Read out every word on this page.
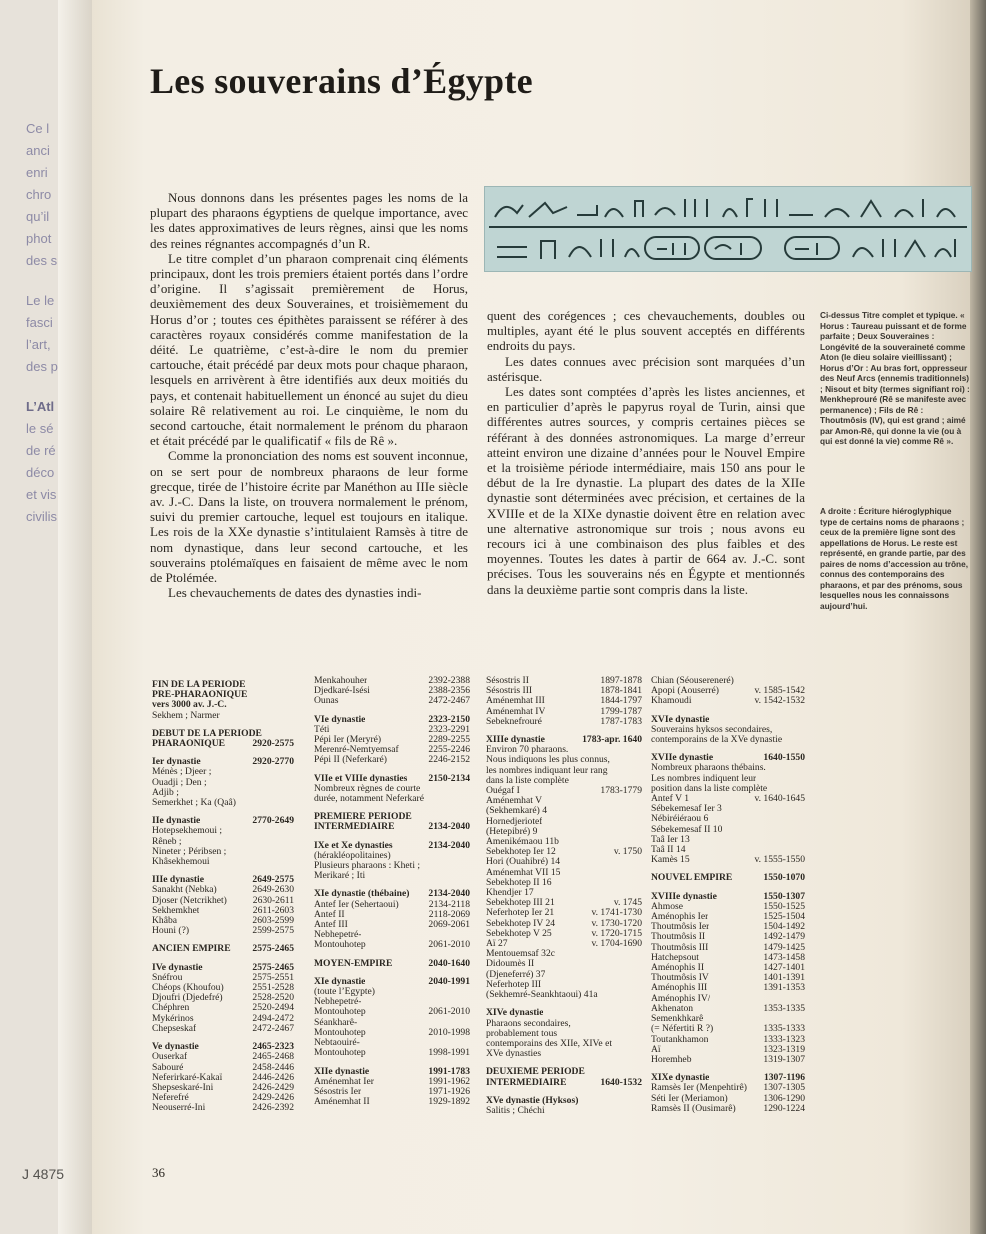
Ce l
anci
enri
chro
qu’il
phot
des s
Le le
fasci
l’art,
des p
L’Atl
le sé
de ré
déco
et vis
civilis
J 4875
Les souverains d’Égypte

Nous donnons dans les présentes pages les noms de la plupart des pharaons égyptiens de quelque importance, avec les dates approximatives de leurs règnes, ainsi que les noms des reines régnantes accompagnés d’un R.

Le titre complet d’un pharaon comprenait cinq éléments principaux, dont les trois premiers étaient portés dans l’ordre d’origine. Il s’agissait premièrement de Horus, deuxièmement des deux Souveraines, et troisièmement du Horus d’or ; toutes ces épithètes paraissent se référer à des caractères royaux considérés comme manifestation de la déité. Le quatrième, c’est-à-dire le nom du premier cartouche, était précédé par deux mots pour chaque pharaon, lesquels en arrivèrent à être identifiés aux deux moitiés du pays, et contenait habituellement un énoncé au sujet du dieu solaire Rê relativement au roi. Le cinquième, le nom du second cartouche, était normalement le prénom du pharaon et était précédé par le qualificatif « fils de Rê ».

Comme la prononciation des noms est souvent inconnue, on se sert pour de nombreux pharaons de leur forme grecque, tirée de l’histoire écrite par Manéthon au IIIe siècle av. J.-C. Dans la liste, on trouvera normalement le prénom, suivi du premier cartouche, lequel est toujours en italique. Les rois de la XXe dynastie s’intitulaient Ramsès à titre de nom dynastique, dans leur second cartouche, et les souverains ptolémaïques en faisaient de même avec le nom de Ptolémée.

Les chevauchements de dates des dynasties indi-

quent des corégences ; ces chevauchements, doubles ou multiples, ayant été le plus souvent acceptés en différents endroits du pays.

Les dates connues avec précision sont marquées d’un astérisque.

Les dates sont comptées d’après les listes anciennes, et en particulier d’après le papyrus royal de Turin, ainsi que différentes autres sources, y compris certaines pièces se référant à des données astronomiques. La marge d’erreur atteint environ une dizaine d’années pour le Nouvel Empire et la troisième période intermédiaire, mais 150 ans pour le début de la Ire dynastie. La plupart des dates de la XIIe dynastie sont déterminées avec précision, et certaines de la XVIIIe et de la XIXe dynastie doivent être en relation avec une alternative astronomique sur trois ; nous avons eu recours ici à une combinaison des plus faibles et des moyennes. Toutes les dates à partir de 664 av. J.-C. sont précises. Tous les souverains nés en Égypte et mentionnés dans la deuxième partie sont compris dans la liste.

Ci-dessus Titre complet et typique. « Horus : Taureau puissant et de forme parfaite ; Deux Souveraines : Longévité de la souveraineté comme Aton (le dieu solaire vieillissant) ; Horus d’Or : Au bras fort, oppresseur des Neuf Arcs (ennemis traditionnels) ; Nisout et bity (termes signifiant roi) : Menkheprouré (Rê se manifeste avec permanence) ; Fils de Rê : Thoutmôsis (IV), qui est grand ; aimé par Amon-Rê, qui donne la vie (ou à qui est donné la vie) comme Rê ».
A droite : Écriture hiéroglyphique type de certains noms de pharaons ; ceux de la première ligne sont des appellations de Horus. Le reste est représenté, en grande partie, par des paires de noms d’accession au trône, connus des contemporains des pharaons, et par des prénoms, sous lesquelles nous les connaissons aujourd’hui.
FIN DE LA PÉRIODE
PRÉ-PHARAONIQUE
vers 3000 av. J.-C.
Sekhem ; Narmer
DÉBUT DE LA PÉRIODE
PHARAONIQUE	2920-2575
Ier dynastie	2920-2770
Ménès ; Djeer ;
Ouadji ; Den ;
Adjib ;
Semerkhet ; Ka (Qaâ)
IIe dynastie	2770-2649
Hotepsekhemoui ;
Rêneb ;
Nineter ; Péribsen ;
Khâsekhemoui
IIIe dynastie	2649-2575
Sanakht (Nebka)	2649-2630
Djoser (Netcrikhet)	2630-2611
Sekhemkhet	2611-2603
Khâba	2603-2599
Houni (?)	2599-2575
ANCIEN EMPIRE	2575-2465
IVe dynastie	2575-2465
Snéfrou	2575-2551
Chéops (Khoufou)	2551-2528
Djoufri (Djedefré)	2528-2520
Chéphren	2520-2494
Mykérinos	2494-2472
Chepseskaf	2472-2467
Ve dynastie	2465-2323
Ouserkaf	2465-2468
Sabouré	2458-2446
Neferirkaré-Kakaï	2446-2426
Shepseskaré-Ini	2426-2429
Neferefré	2429-2426
Neouserré-Ini	2426-2392
Menkahouher	2392-2388
Djedkaré-Isési	2388-2356
Ounas	2472-2467
VIe dynastie	2323-2150
Téti	2323-2291
Pépi Ier (Meryré)	2289-2255
Merenré-Nemtyemsaf	2255-2246
Pépi II (Neferkaré)	2246-2152
VIIe et VIIIe dynasties	2150-2134
Nombreux règnes de courte
durée, notamment Neferkaré
PREMIÈRE PÉRIODE
INTERMÉDIAIRE	2134-2040
IXe et Xe dynasties	2134-2040
(hérakléopolitaines)
Plusieurs pharaons : Kheti ;
Merikaré ; Iti
XIe dynastie (thébaine)	2134-2040
Antef Ier (Sehertaoui)	2134-2118
Antef II	2118-2069
Antef III	2069-2061
Nebhepetré-
Montouhotep	2061-2010
MOYEN-EMPIRE	2040-1640
XIe dynastie	2040-1991
(toute l’Égypte)
Nebhepetré-
Montouhotep	2061-2010
Séankharê-
Montouhotep	2010-1998
Nebtaouiré-
Montouhotep	1998-1991
XIIe dynastie	1991-1783
Aménemhat Ier	1991-1962
Sésostris Ier	1971-1926
Aménemhat II	1929-1892
Sésostris II	1897-1878
Sésostris III	1878-1841
Aménemhat III	1844-1797
Aménemhat IV	1799-1787
Sebeknefrouré	1787-1783
XIIIe dynastie	1783-apr. 1640
Environ 70 pharaons.
Nous indiquons les plus connus,
les nombres indiquant leur rang
dans la liste complète
Ouégaf I	1783-1779
Aménemhat V
(Sekhemkaré) 4
Hornedjeriotef
(Hetepibré) 9
Amenikémaou 11b
Sebekhotep Ier 12	v. 1750
Hori (Ouahibré) 14
Aménemhat VII 15
Sebekhotep II 16
Khendjer 17
Sebekhotep III 21	v. 1745
Neferhotep Ier 21	v. 1741-1730
Sebekhotep IV 24	v. 1730-1720
Sebekhotep V 25	v. 1720-1715
Aï 27	v. 1704-1690
Mentouemsaf 32c
Didoumès II
(Djeneferré) 37
Neferhotep III
(Sekhemré-Seankhtaoui) 41a
XIVe dynastie
Pharaons secondaires,
probablement tous
contemporains des XIIe, XIVe et
XVe dynasties
DEUXIÈME PÉRIODE
INTERMÉDIAIRE	1640-1532
XVe dynastie (Hyksos)
Salitis ; Chéchi
Chian (Séousereneré)
Apopi (Aouserré)	v. 1585-1542
Khamoudi	v. 1542-1532
XVIe dynastie
Souverains hyksos secondaires,
contemporains de la XVe dynastie
XVIIe dynastie	1640-1550
Nombreux pharaons thébains.
Les nombres indiquent leur
position dans la liste complète
Antef V 1	v. 1640-1645
Sébekemesaf Ier 3
Nébiréiéraou 6
Sébekemesaf II 10
Taâ Ier 13
Taâ II 14
Kamès 15	v. 1555-1550
NOUVEL EMPIRE	1550-1070
XVIIIe dynastie	1550-1307
Ahmose	1550-1525
Aménophis Ier	1525-1504
Thoutmôsis Ier	1504-1492
Thoutmôsis II	1492-1479
Thoutmôsis III	1479-1425
Hatchepsout	1473-1458
Aménophis II	1427-1401
Thoutmôsis IV	1401-1391
Aménophis III	1391-1353
Aménophis IV/
Akhenaton	1353-1335
Semenkhkarê
(= Néfertiti R ?)	1335-1333
Toutankhamon	1333-1323
Aï	1323-1319
Horemheb	1319-1307
XIXe dynastie	1307-1196
Ramsès Ier (Menpehtirê)	1307-1305
Séti Ier (Meriamon)	1306-1290
Ramsès II (Ousimarê)	1290-1224
36
